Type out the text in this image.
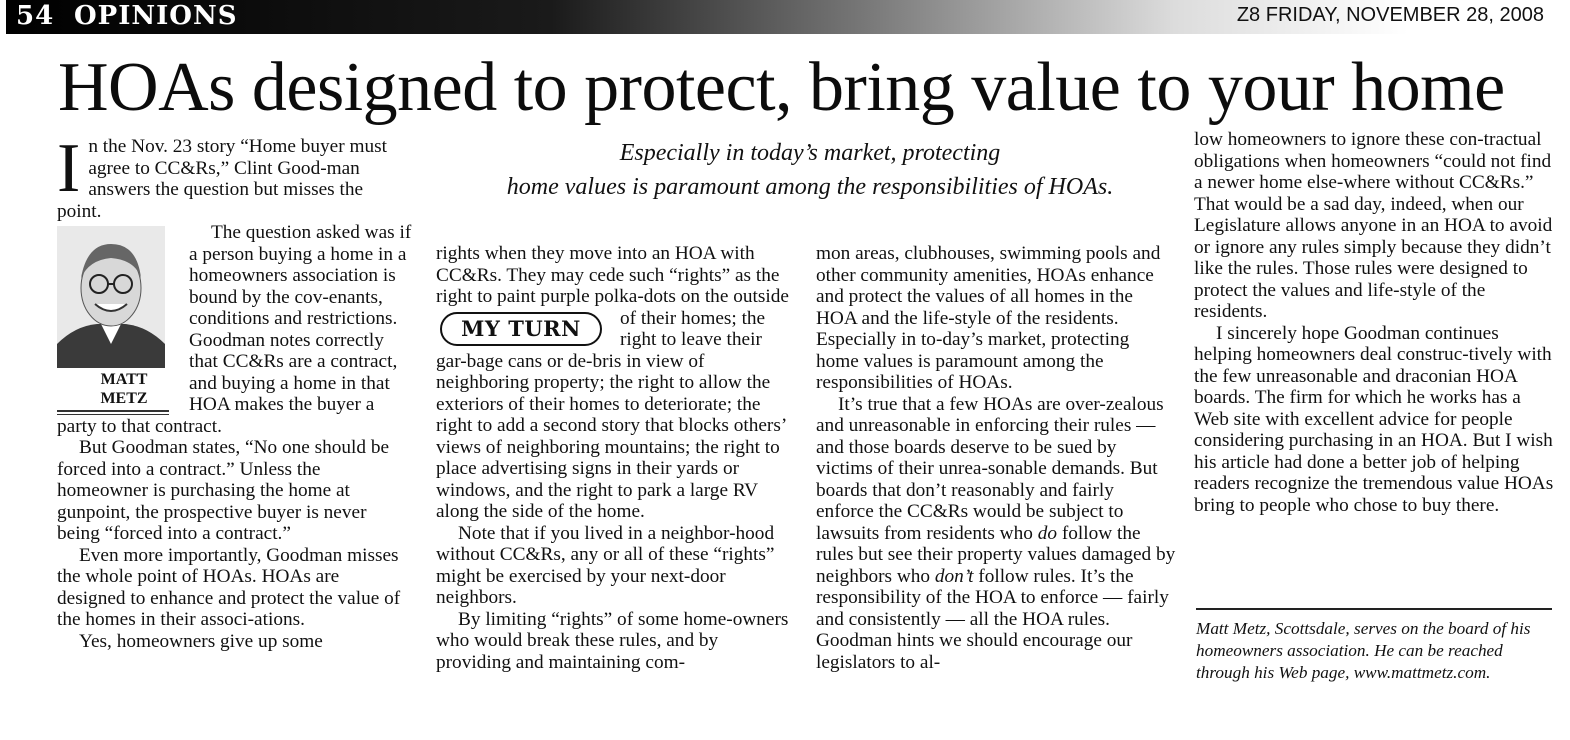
54 OPINIONS	Z8 FRIDAY, NOVEMBER 28, 2008
HOAs designed to protect, bring value to your home
Especially in today’s market, protecting
home values is paramount among the responsibilities of HOAs.

In the Nov. 23 story “Home buyer must agree to CC&Rs,” Clint Good-man answers the question but misses the point.

MATT
METZ
The question asked was if a person buying a home in a homeowners association is bound by the cov-enants, conditions and restrictions. Goodman notes correctly that CC&Rs are a contract, and buying a home in that HOA makes the buyer a party to that contract.

But Goodman states, “No one should be forced into a contract.” Unless the homeowner is purchasing the home at gunpoint, the prospective buyer is never being “forced into a contract.”

Even more importantly, Goodman misses the whole point of HOAs. HOAs are designed to enhance and protect the value of the homes in their associ-ations.

Yes, homeowners give up some

rights when they move into an HOA with CC&Rs. They may cede such “rights” as the right to paint purple polka-dots on the outside of their
MY TURN	homes; the right to leave their gar-bage cans or de-bris in view of neighboring property; the right to allow the exteriors of their homes to deteriorate; the right to add a second story that blocks others’ views of neighboring mountains; the right to place advertising signs in their yards or windows, and the right to park a large RV along the side of the home.

Note that if you lived in a neighbor-hood without CC&Rs, any or all of these “rights” might be exercised by your next-door neighbors.

By limiting “rights” of some home-owners who would break these rules, and by providing and maintaining com-

mon areas, clubhouses, swimming pools and other community amenities, HOAs enhance and protect the values of all homes in the HOA and the life-style of the residents. Especially in to-day’s market, protecting home values is paramount among the responsibilities of HOAs.

It’s true that a few HOAs are over-zealous and unreasonable in enforcing their rules — and those boards deserve to be sued by victims of their unrea-sonable demands. But boards that don’t reasonably and fairly enforce the CC&Rs would be subject to lawsuits from residents who do follow the rules but see their property values damaged by neighbors who don’t follow rules. It’s the responsibility of the HOA to enforce — fairly and consistently — all the HOA rules. Goodman hints we should encourage our legislators to al-

low homeowners to ignore these con-tractual obligations when homeowners “could not find a newer home else-where without CC&Rs.” That would be a sad day, indeed, when our Legislature allows anyone in an HOA to avoid or ignore any rules simply because they didn’t like the rules. Those rules were designed to protect the values and life-style of the residents.

I sincerely hope Goodman continues helping homeowners deal construc-tively with the few unreasonable and draconian HOA boards. The firm for which he works has a Web site with excellent advice for people considering purchasing in an HOA. But I wish his article had done a better job of helping readers recognize the tremendous value HOAs bring to people who chose to buy there.

Matt Metz, Scottsdale, serves on the board of his homeowners association. He can be reached through his Web page, www.mattmetz.com.
